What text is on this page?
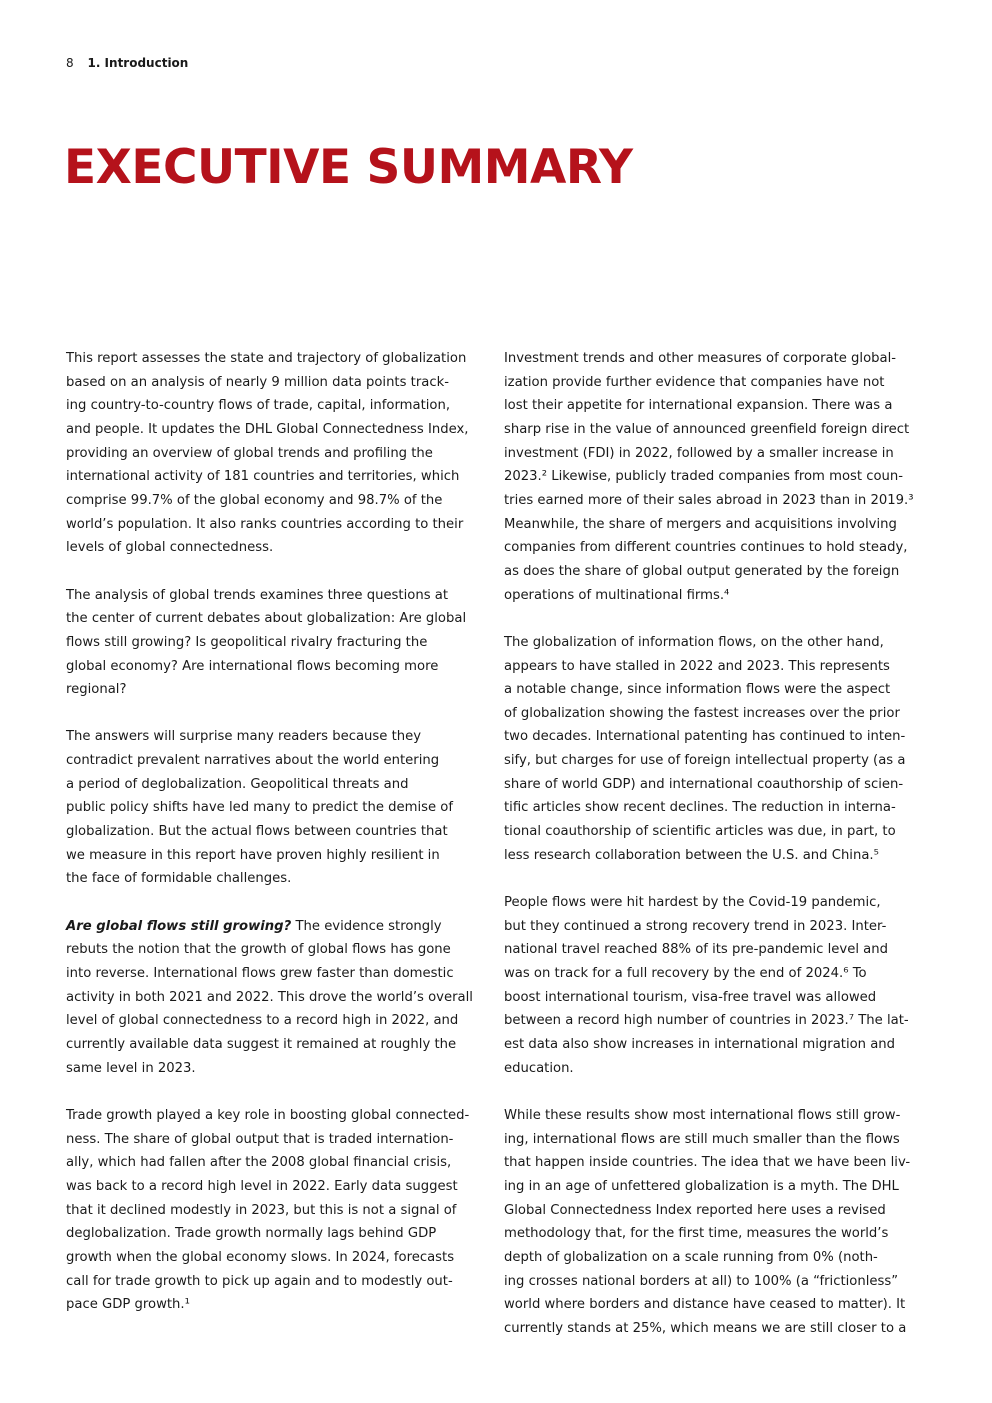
8 1. Introduction
EXECUTIVE SUMMARY

This report assesses the state and trajectory of globalization
based on an analysis of nearly 9 million data points track-
ing country-to-country flows of trade, capital, information,
and people. It updates the DHL Global Connectedness Index,
providing an overview of global trends and profiling the
international activity of 181 countries and territories, which
comprise 99.7% of the global economy and 98.7% of the
world’s population. It also ranks countries according to their
levels of global connectedness.

The analysis of global trends examines three questions at
the center of current debates about globalization: Are global
flows still growing? Is geopolitical rivalry fracturing the
global economy? Are international flows becoming more
regional?

The answers will surprise many readers because they
contradict prevalent narratives about the world entering
a period of deglobalization. Geopolitical threats and
public policy shifts have led many to predict the demise of
globalization. But the actual flows between countries that
we measure in this report have proven highly resilient in
the face of formidable challenges.

Are global flows still growing? The evidence strongly
rebuts the notion that the growth of global flows has gone
into reverse. International flows grew faster than domestic
activity in both 2021 and 2022. This drove the world’s overall
level of global connectedness to a record high in 2022, and
currently available data suggest it remained at roughly the
same level in 2023.

Trade growth played a key role in boosting global connected-
ness. The share of global output that is traded internation-
ally, which had fallen after the 2008 global financial crisis,
was back to a record high level in 2022. Early data suggest
that it declined modestly in 2023, but this is not a signal of
deglobalization. Trade growth normally lags behind GDP
growth when the global economy slows. In 2024, forecasts
call for trade growth to pick up again and to modestly out-
pace GDP growth.¹

Investment trends and other measures of corporate global-
ization provide further evidence that companies have not
lost their appetite for international expansion. There was a
sharp rise in the value of announced greenfield foreign direct
investment (FDI) in 2022, followed by a smaller increase in
2023.² Likewise, publicly traded companies from most coun-
tries earned more of their sales abroad in 2023 than in 2019.³
Meanwhile, the share of mergers and acquisitions involving
companies from different countries continues to hold steady,
as does the share of global output generated by the foreign
operations of multinational firms.⁴

The globalization of information flows, on the other hand,
appears to have stalled in 2022 and 2023. This represents
a notable change, since information flows were the aspect
of globalization showing the fastest increases over the prior
two decades. International patenting has continued to inten-
sify, but charges for use of foreign intellectual property (as a
share of world GDP) and international coauthorship of scien-
tific articles show recent declines. The reduction in interna-
tional coauthorship of scientific articles was due, in part, to
less research collaboration between the U.S. and China.⁵

People flows were hit hardest by the Covid-19 pandemic,
but they continued a strong recovery trend in 2023. Inter-
national travel reached 88% of its pre-pandemic level and
was on track for a full recovery by the end of 2024.⁶ To
boost international tourism, visa-free travel was allowed
between a record high number of countries in 2023.⁷ The lat-
est data also show increases in international migration and
education.

While these results show most international flows still grow-
ing, international flows are still much smaller than the flows
that happen inside countries. The idea that we have been liv-
ing in an age of unfettered globalization is a myth. The DHL
Global Connectedness Index reported here uses a revised
methodology that, for the first time, measures the world’s
depth of globalization on a scale running from 0% (noth-
ing crosses national borders at all) to 100% (a “frictionless”
world where borders and distance have ceased to matter). It
currently stands at 25%, which means we are still closer to a
